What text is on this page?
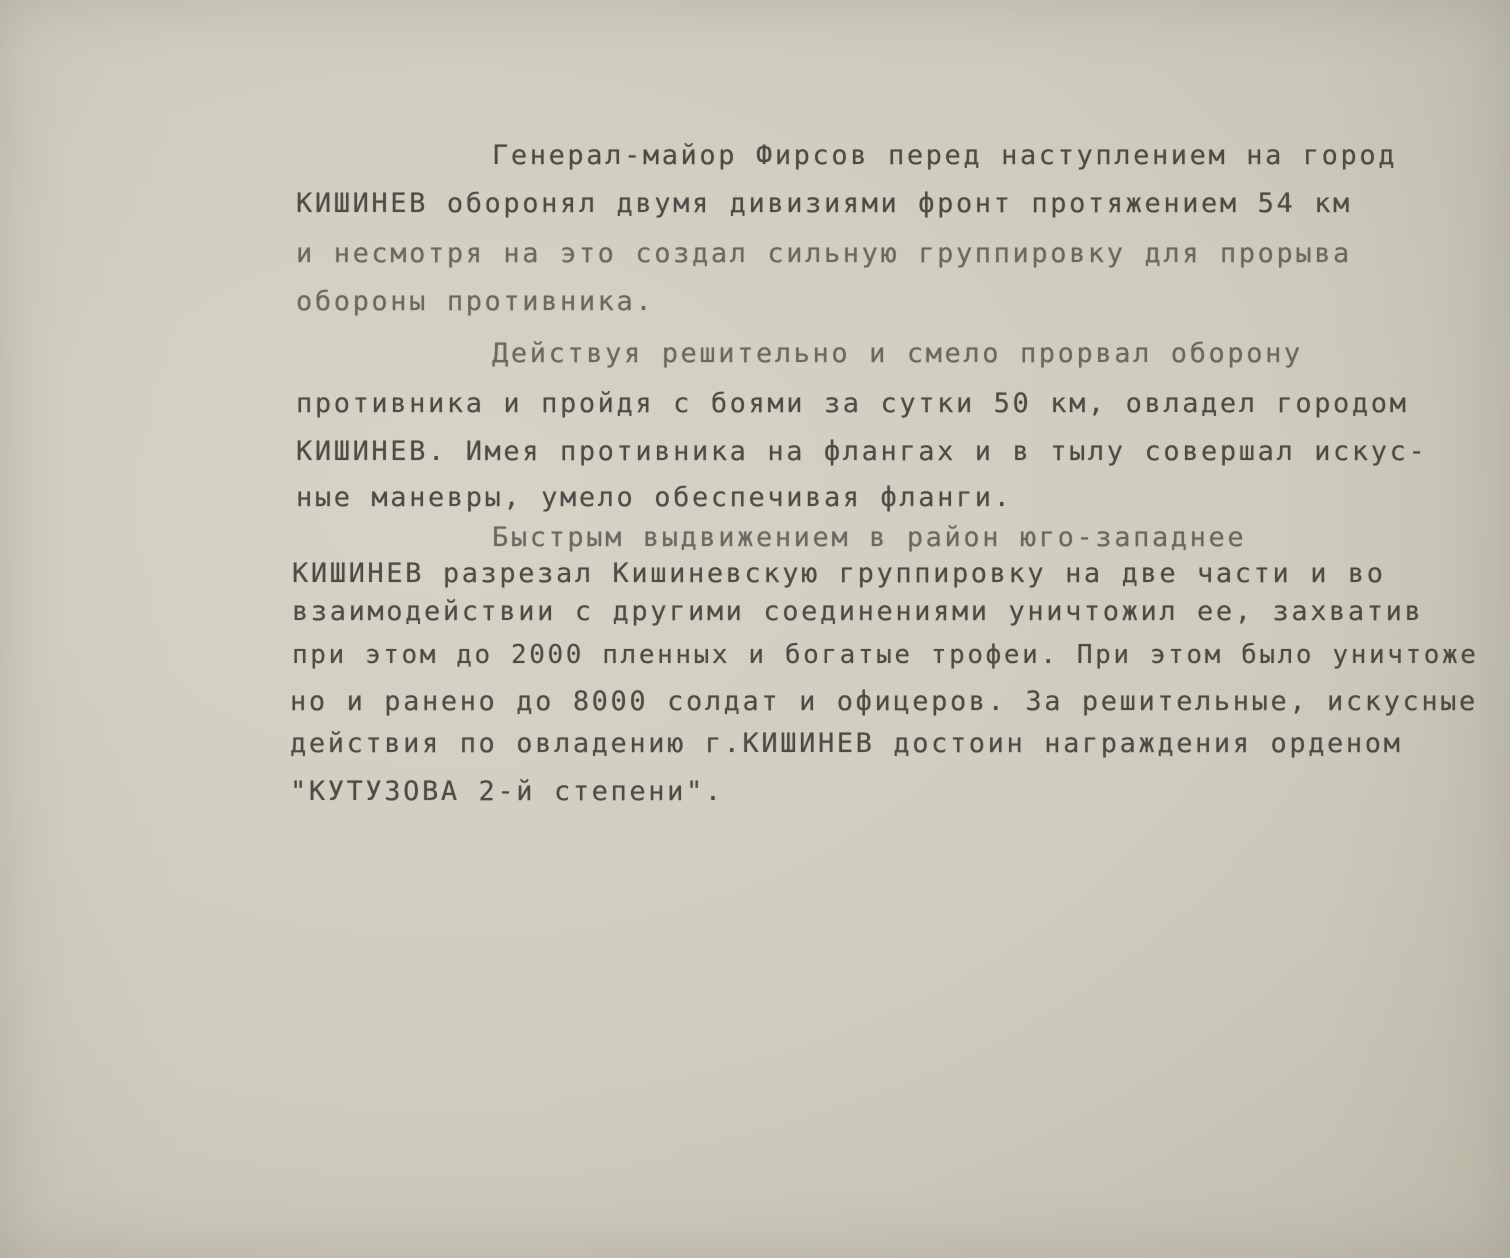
Генерал-майор Фирсов перед наступлением на город
КИШИНЕВ оборонял двумя дивизиями фронт протяжением 54 км
и несмотря на это создал сильную группировку для прорыва
обороны противника.
Действуя решительно и смело прорвал оборону
противника и пройдя с боями за сутки 50 км, овладел городом
КИШИНЕВ. Имея противника на флангах и в тылу совершал искус-
ные маневры, умело обеспечивая фланги.
Быстрым выдвижением в район юго-западнее
КИШИНЕВ разрезал Кишиневскую группировку на две части и во
взаимодействии с другими соединениями уничтожил ее, захватив
при этом до 2000 пленных и богатые трофеи. При этом было уничтоже
но и ранено до 8000 солдат и офицеров. За решительные, искусные
действия по овладению г.КИШИНЕВ достоин награждения орденом
"КУТУЗОВА 2-й степени".
